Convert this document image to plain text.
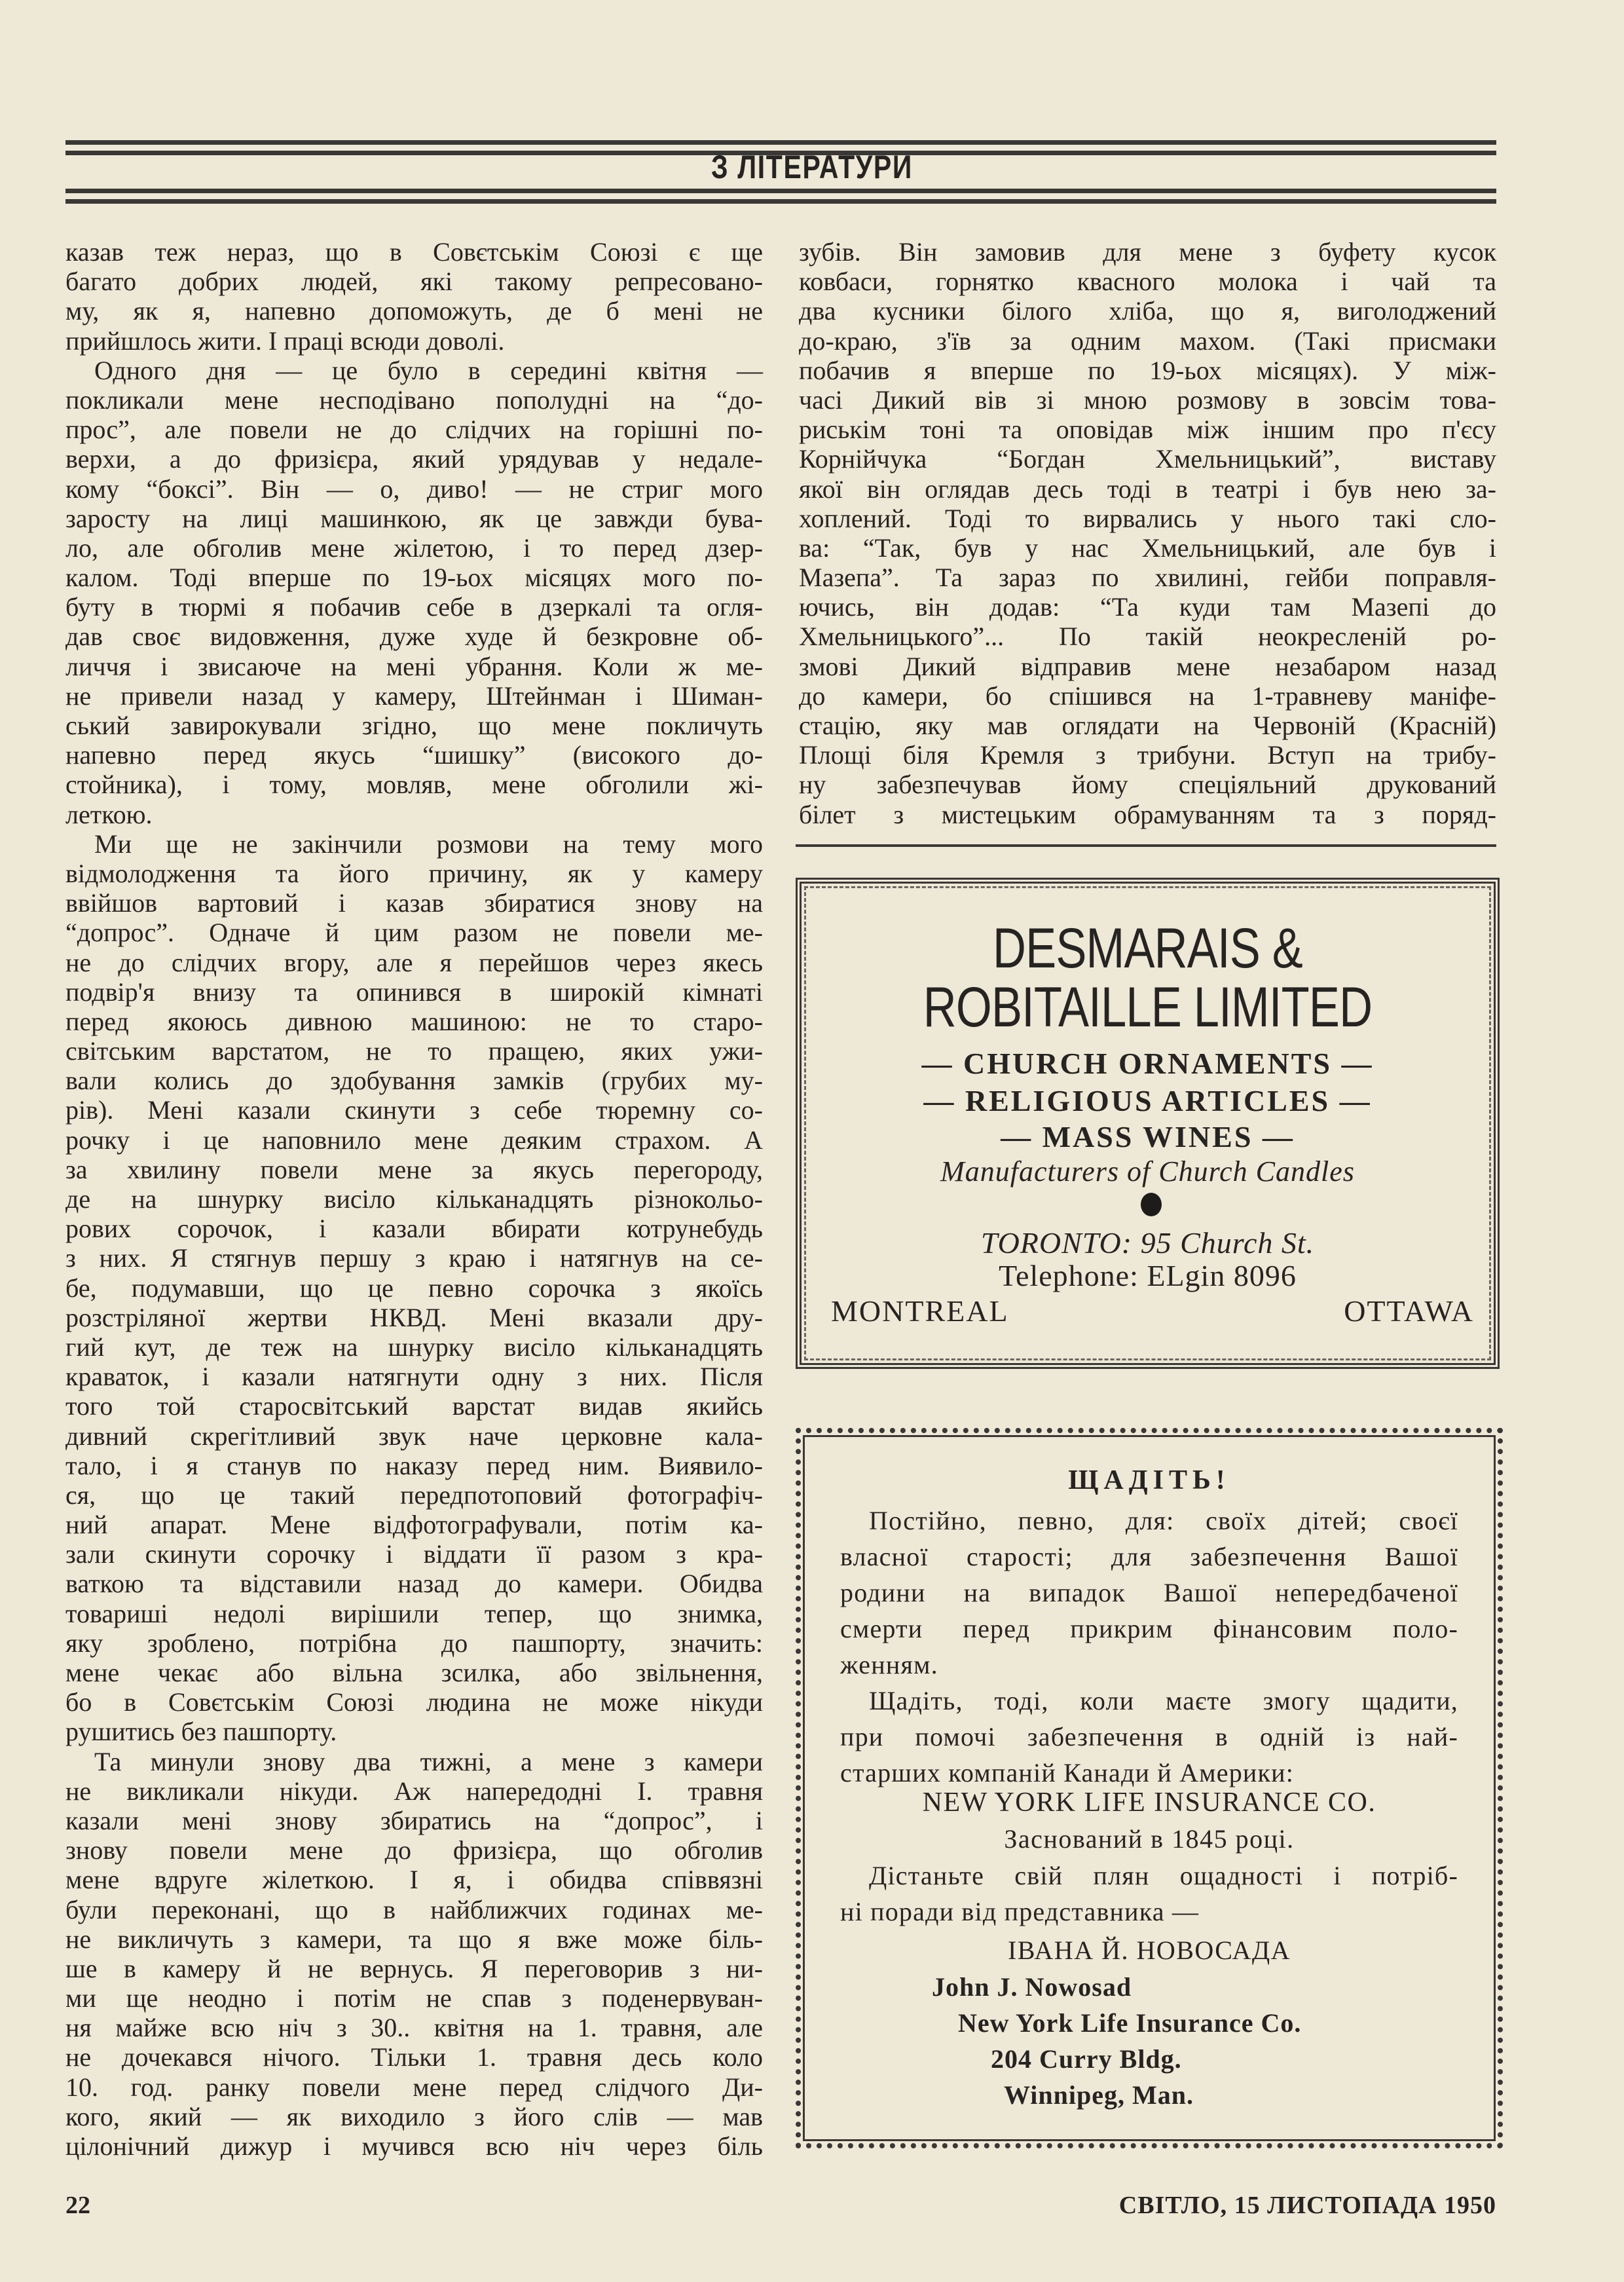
З ЛІТЕРАТУРИ
казав теж нераз, що в Совєтськім Союзі є ще
багато добрих людей, які такому репресовано-
му, як я, напевно допоможуть, де б мені не
прийшлось жити. І праці всюди доволі.
Одного дня — це було в середині квітня —
покликали мене несподівано пополудні на “до-
прос”, але повели не до слідчих на горішні по-
верхи, а до фризієра, який урядував у недале-
кому “боксі”. Він — о, диво! — не стриг мого
заросту на лиці машинкою, як це завжди бува-
ло, але обголив мене жілетою, і то перед дзер-
калом. Тоді вперше по 19-ьох місяцях мого по-
буту в тюрмі я побачив себе в дзеркалі та огля-
дав своє видовження, дуже худе й безкровне об-
личчя і звисаюче на мені убрання. Коли ж ме-
не привели назад у камеру, Штейнман і Шиман-
ський завирокували згідно, що мене покличуть
напевно перед якусь “шишку” (високого до-
стойника), і тому, мовляв, мене обголили жі-
леткою.
Ми ще не закінчили розмови на тему мого
відмолодження та його причину, як у камеру
ввійшов вартовий і казав збиратися знову на
“допрос”. Одначе й цим разом не повели ме-
не до слідчих вгору, але я перейшов через якесь
подвір'я внизу та опинився в широкій кімнаті
перед якоюсь дивною машиною: не то старо-
світським варстатом, не то пращею, яких ужи-
вали колись до здобування замків (грубих му-
рів). Мені казали скинути з себе тюремну со-
рочку і це наповнило мене деяким страхом. А
за хвилину повели мене за якусь перегороду,
де на шнурку висіло кільканадцять різнокольо-
рових сорочок, і казали вбирати котрунебудь
з них. Я стягнув першу з краю і натягнув на се-
бе, подумавши, що це певно сорочка з якоїсь
розстріляної жертви НКВД. Мені вказали дру-
гий кут, де теж на шнурку висіло кільканадцять
краваток, і казали натягнути одну з них. Після
того той старосвітський варстат видав якийсь
дивний скрегітливий звук наче церковне кала-
тало, і я станув по наказу перед ним. Виявило-
ся, що це такий передпотоповий фотографіч-
ний апарат. Мене відфотографували, потім ка-
зали скинути сорочку і віддати її разом з кра-
ваткою та відставили назад до камери. Обидва
товариші недолі вирішили тепер, що знимка,
яку зроблено, потрібна до пашпорту, значить:
мене чекає або вільна зсилка, або звільнення,
бо в Совєтськім Союзі людина не може нікуди
рушитись без пашпорту.
Та минули знову два тижні, а мене з камери
не викликали нікуди. Аж напередодні І. травня
казали мені знову збиратись на “допрос”, і
знову повели мене до фризієра, що обголив
мене вдруге жілеткою. І я, і обидва співвязні
були переконані, що в найближчих годинах ме-
не викличуть з камери, та що я вже може біль-
ше в камеру й не вернусь. Я переговорив з ни-
ми ще неодно і потім не спав з поденервуван-
ня майже всю ніч з 30.. квітня на 1. травня, але
не дочекався нічого. Тільки 1. травня десь коло
10. год. ранку повели мене перед слідчого Ди-
кого, який — як виходило з його слів — мав
цілонічний дижур і мучився всю ніч через біль
зубів. Він замовив для мене з буфету кусок
ковбаси, горнятко квасного молока і чай та
два кусники білого хліба, що я, виголоджений
до-краю, з'їв за одним махом. (Такі присмаки
побачив я вперше по 19-ьох місяцях). У між-
часі Дикий вів зі мною розмову в зовсім това-
риськім тоні та оповідав між іншим про п'єсу
Корнійчука “Богдан Хмельницький”, виставу
якої він оглядав десь тоді в театрі і був нею за-
хоплений. Тоді то вирвались у нього такі сло-
ва: “Так, був у нас Хмельницький, але був і
Мазепа”. Та зараз по хвилині, гейби поправля-
ючись, він додав: “Та куди там Мазепі до
Хмельницького”... По такій неокресленій ро-
змові Дикий відправив мене незабаром назад
до камери, бо спішився на 1-травневу маніфе-
стацію, яку мав оглядати на Червоній (Красній)
Площі біля Кремля з трибуни. Вступ на трибу-
ну забезпечував йому спеціяльний друкований
білет з мистецьким обрамуванням та з поряд-
DESMARAIS &
ROBITAILLE LIMITED
— CHURCH ORNAMENTS —
— RELIGIOUS ARTICLES —
— MASS WINES —
Manufacturers of Church Candles
TORONTO: 95 Church St.
Telephone: ELgin 8096
MONTREAL	OTTAWA
ЩАДІТЬ!
Постійно, певно, для: своїх дітей; своєї
власної старості; для забезпечення Вашої
родини на випадок Вашої непередбаченої
смерти перед прикрим фінансовим поло-
женням.
Щадіть, тоді, коли маєте змогу щадити,
при помочі забезпечення в одній із най-
старших компаній Канади й Америки:
Дістаньте свій плян ощадності і потріб-
ні поради від представника —
NEW YORK LIFE INSURANCE CO.
Заснований в 1845 році.
ІВАНА Й. НОВОСАДА
John J. Nowosad
New York Life Insurance Co.
204 Curry Bldg.
Winnipeg, Man.
22	СВІТЛО, 15 ЛИСТОПАДА 1950
